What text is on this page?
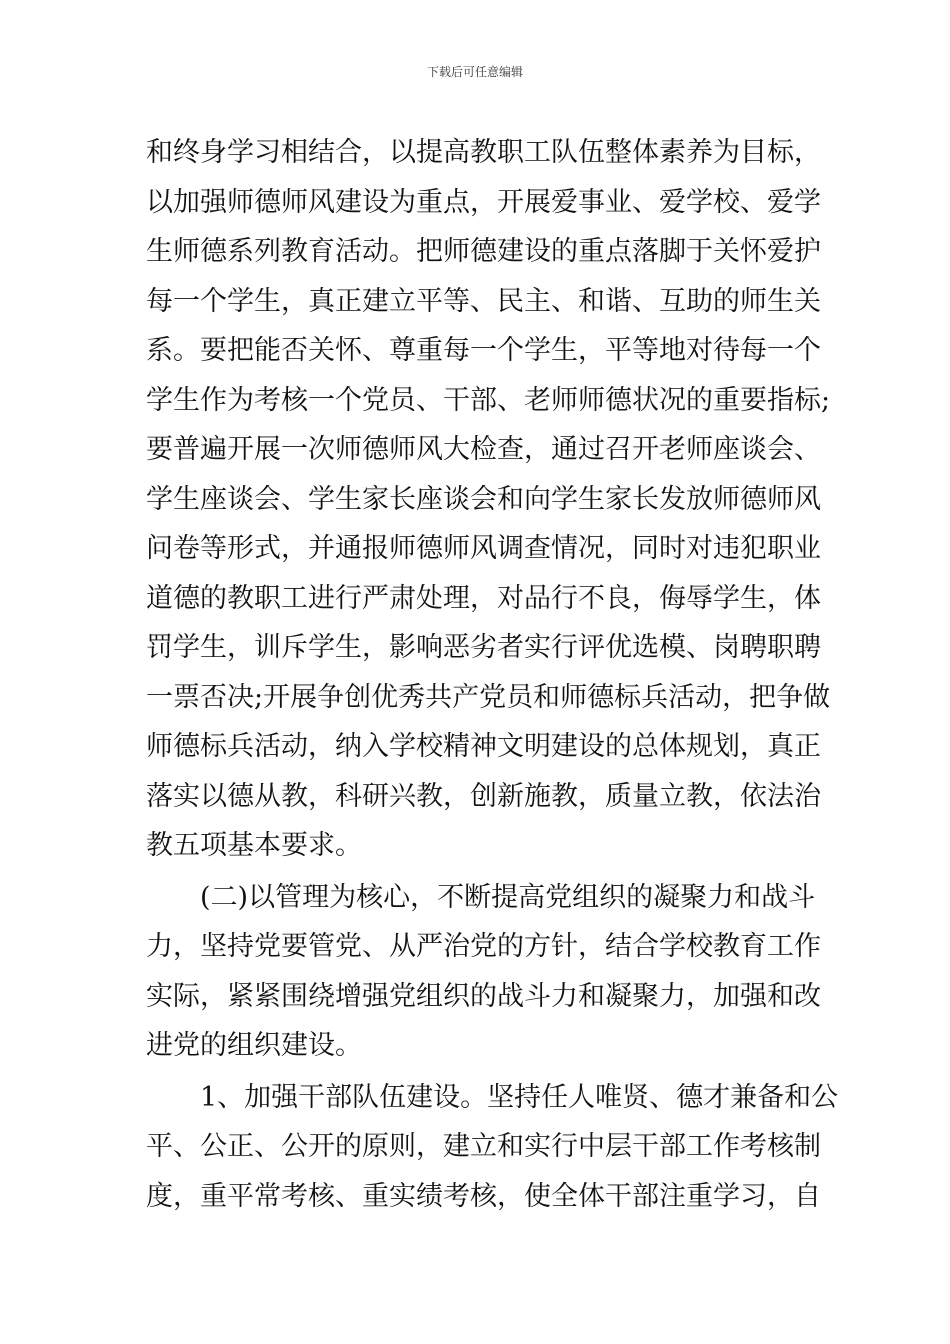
下载后可任意编辑
和终身学习相结合，以提高教职工队伍整体素养为目标，
以加强师德师风建设为重点，开展爱事业、爱学校、爱学
生师德系列教育活动。把师德建设的重点落脚于关怀爱护
每一个学生，真正建立平等、民主、和谐、互助的师生关
系。要把能否关怀、尊重每一个学生，平等地对待每一个
学生作为考核一个党员、干部、老师师德状况的重要指标;
要普遍开展一次师德师风大检查，通过召开老师座谈会、
学生座谈会、学生家长座谈会和向学生家长发放师德师风
问卷等形式，并通报师德师风调查情况，同时对违犯职业
道德的教职工进行严肃处理，对品行不良，侮辱学生，体
罚学生，训斥学生，影响恶劣者实行评优选模、岗聘职聘
一票否决;开展争创优秀共产党员和师德标兵活动，把争做
师德标兵活动，纳入学校精神文明建设的总体规划，真正
落实以德从教，科研兴教，创新施教，质量立教，依法治
教五项基本要求。
(二)以管理为核心，不断提高党组织的凝聚力和战斗
力，坚持党要管党、从严治党的方针，结合学校教育工作
实际，紧紧围绕增强党组织的战斗力和凝聚力，加强和改
进党的组织建设。
1、加强干部队伍建设。坚持任人唯贤、德才兼备和公
平、公正、公开的原则，建立和实行中层干部工作考核制
度，重平常考核、重实绩考核，使全体干部注重学习，自
